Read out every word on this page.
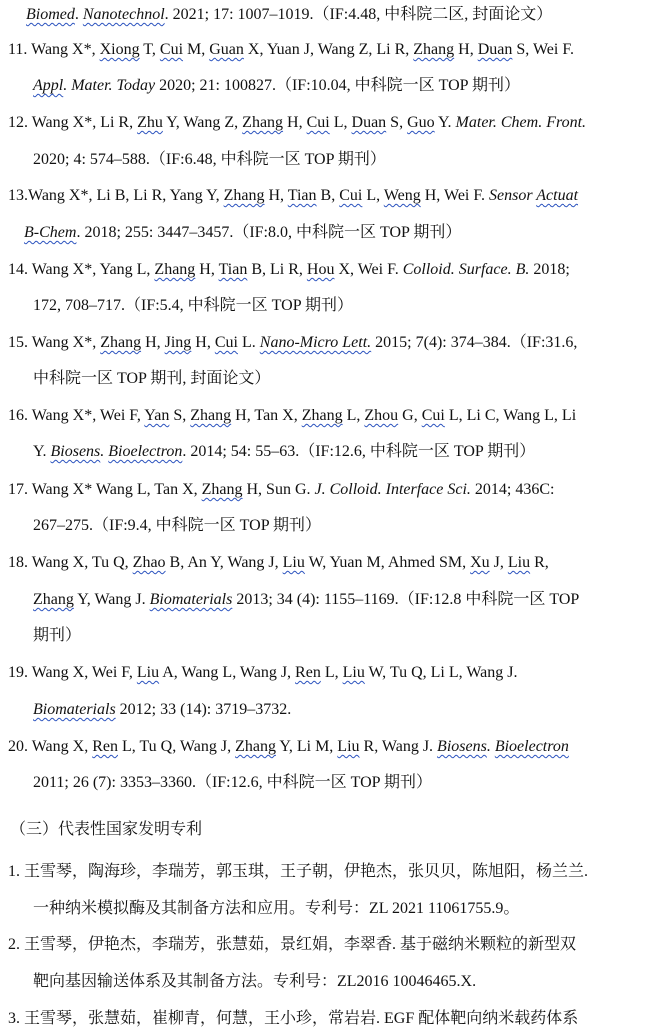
Biomed. Nanotechnol. 2021; 17: 1007–1019.（IF:4.48, 中科院二区, 封面论文）
11. Wang X*, Xiong T, Cui M, Guan X, Yuan J, Wang Z, Li R, Zhang H, Duan S, Wei F.
Appl. Mater. Today 2020; 21: 100827.（IF:10.04, 中科院一区 TOP 期刊）
12. Wang X*, Li R, Zhu Y, Wang Z, Zhang H, Cui L, Duan S, Guo Y. Mater. Chem. Front.
2020; 4: 574–588.（IF:6.48, 中科院一区 TOP 期刊）
13.Wang X*, Li B, Li R, Yang Y, Zhang H, Tian B, Cui L, Weng H, Wei F. Sensor Actuat
B-Chem. 2018; 255: 3447–3457.（IF:8.0, 中科院一区 TOP 期刊）
14. Wang X*, Yang L, Zhang H, Tian B, Li R, Hou X, Wei F. Colloid. Surface. B. 2018;
172, 708–717.（IF:5.4, 中科院一区 TOP 期刊）
15. Wang X*, Zhang H, Jing H, Cui L. Nano-Micro Lett. 2015; 7(4): 374–384.（IF:31.6,
中科院一区 TOP 期刊, 封面论文）
16. Wang X*, Wei F, Yan S, Zhang H, Tan X, Zhang L, Zhou G, Cui L, Li C, Wang L, Li
Y. Biosens. Bioelectron. 2014; 54: 55–63.（IF:12.6, 中科院一区 TOP 期刊）
17. Wang X* Wang L, Tan X, Zhang H, Sun G. J. Colloid. Interface Sci. 2014; 436C:
267–275.（IF:9.4, 中科院一区 TOP 期刊）
18. Wang X, Tu Q, Zhao B, An Y, Wang J, Liu W, Yuan M, Ahmed SM, Xu J, Liu R,
Zhang Y, Wang J. Biomaterials 2013; 34 (4): 1155–1169.（IF:12.8 中科院一区 TOP
期刊）
19. Wang X, Wei F, Liu A, Wang L, Wang J, Ren L, Liu W, Tu Q, Li L, Wang J.
Biomaterials 2012; 33 (14): 3719–3732.
20. Wang X, Ren L, Tu Q, Wang J, Zhang Y, Li M, Liu R, Wang J. Biosens. Bioelectron
2011; 26 (7): 3353–3360.（IF:12.6, 中科院一区 TOP 期刊）
（三）代表性国家发明专利
1. 王雪琴，陶海珍，李瑞芳，郭玉琪，王子朝，伊艳杰，张贝贝，陈旭阳，杨兰兰.
一种纳米模拟酶及其制备方法和应用。专利号：ZL 2021 11061755.9。
2. 王雪琴，伊艳杰，李瑞芳，张慧茹，景红娟，李翠香. 基于磁纳米颗粒的新型双
靶向基因输送体系及其制备方法。专利号：ZL2016 10046465.X.
3. 王雪琴，张慧茹，崔柳青，何慧，王小珍，常岩岩. EGF 配体靶向纳米载药体系
